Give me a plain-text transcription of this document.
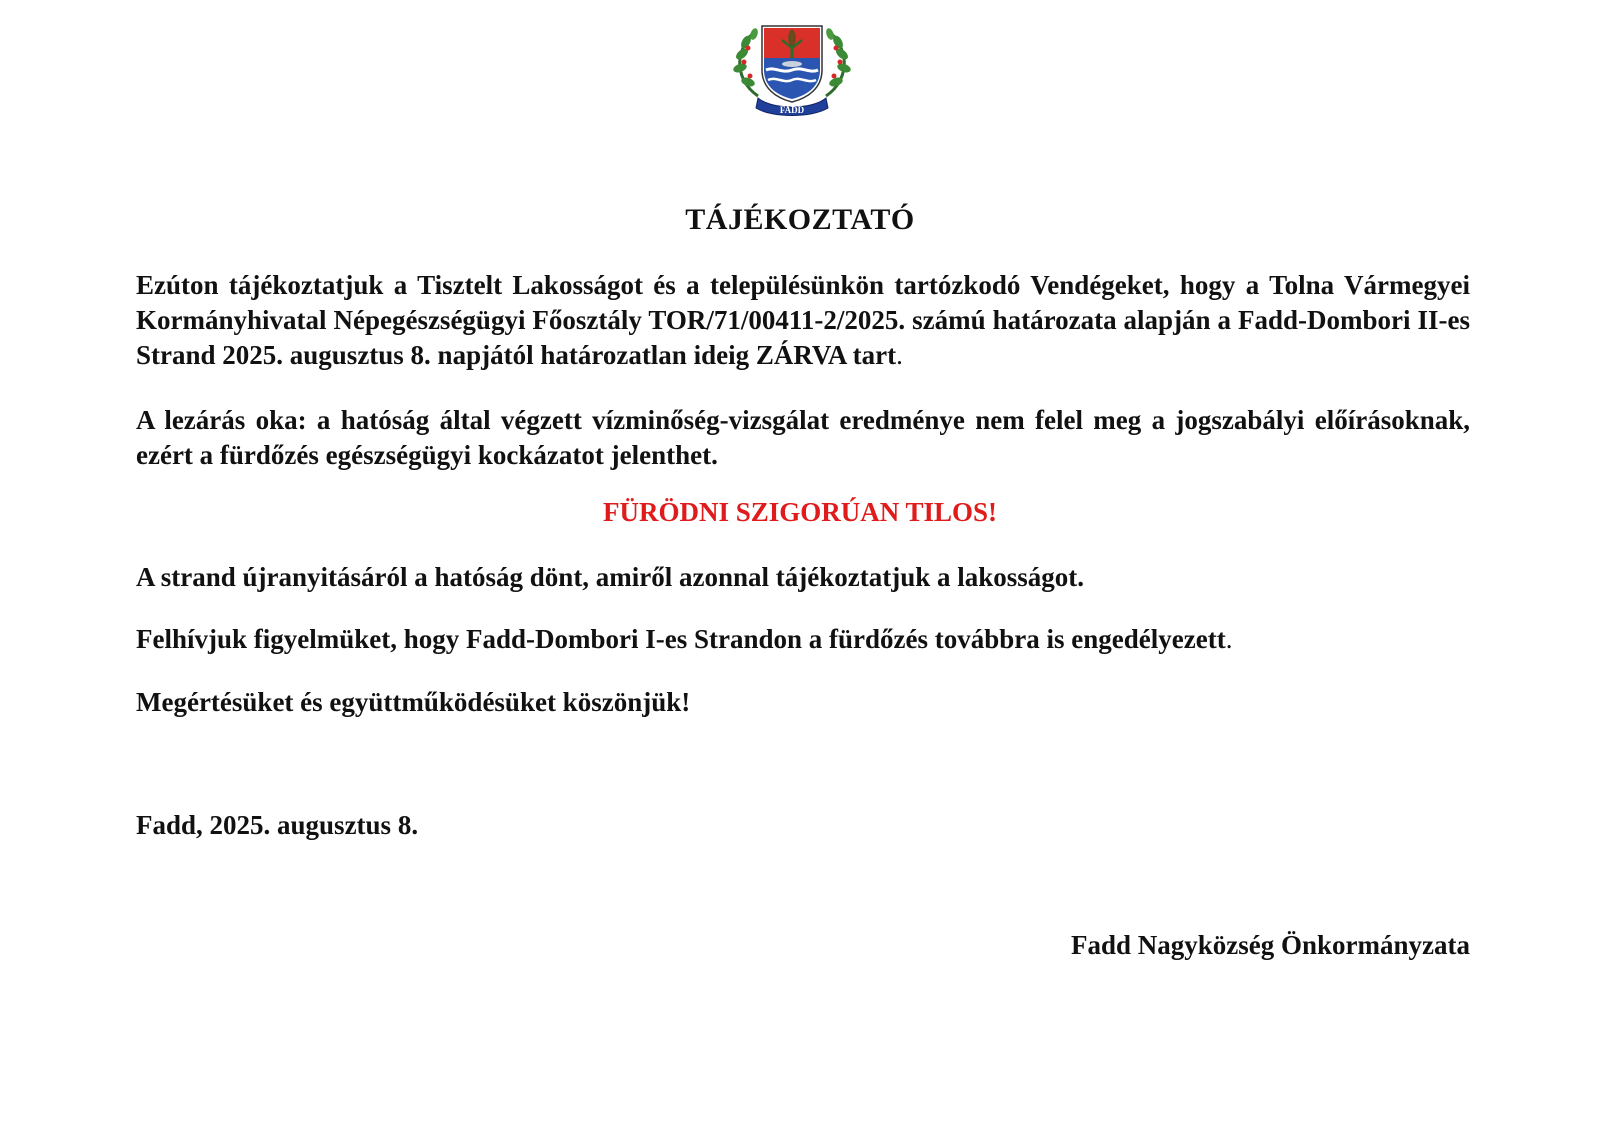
FADD
TÁJÉKOZTATÓ
Ezúton tájékoztatjuk a Tisztelt Lakosságot és a településünkön tartózkodó Vendégeket, hogy a Tolna Vármegyei Kormányhivatal Népegészségügyi Főosztály TOR/71/00411-2/2025. számú határozata alapján a Fadd-Dombori II-es Strand 2025. augusztus 8. napjától határozatlan ideig ZÁRVA tart.
A lezárás oka: a hatóság által végzett vízminőség-vizsgálat eredménye nem felel meg a jogszabályi előírásoknak, ezért a fürdőzés egészségügyi kockázatot jelenthet.
FÜRÖDNI SZIGORÚAN TILOS!
A strand újranyitásáról a hatóság dönt, amiről azonnal tájékoztatjuk a lakosságot.
Felhívjuk figyelmüket, hogy Fadd-Dombori I-es Strandon a fürdőzés továbbra is engedélyezett.
Megértésüket és együttműködésüket köszönjük!
Fadd, 2025. augusztus 8.
Fadd Nagyközség Önkormányzata
